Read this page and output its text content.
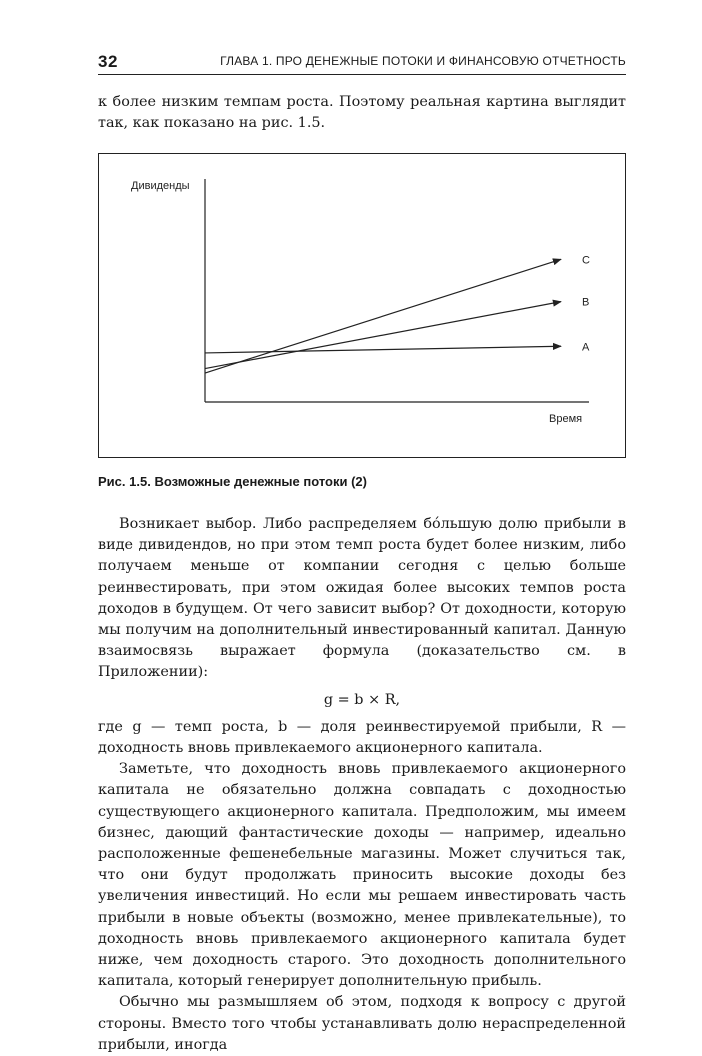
32	ГЛАВА 1. ПРО ДЕНЕЖНЫЕ ПОТОКИ И ФИНАНСОВУЮ ОТЧЕТНОСТЬ

к более низким темпам роста. Поэтому реальная картина выглядит так, как показано на рис. 1.5.

Дивиденды
Время
A
B
C
Рис. 1.5. Возможные денежные потоки (2)

Возникает выбор. Либо распределяем бóльшую долю прибыли в виде дивидендов, но при этом темп роста будет более низким, либо получаем меньше от компании сегодня с целью больше реинвестировать, при этом ожидая более высоких темпов роста доходов в будущем. От чего зависит выбор? От доходности, которую мы получим на дополнительный инвестированный капитал. Данную взаимосвязь выражает формула (доказательство см. в Приложении):

g = b × R,

где g — темп роста, b — доля реинвестируемой прибыли, R — доходность вновь привлекаемого акционерного капитала.

Заметьте, что доходность вновь привлекаемого акционерного капитала не обязательно должна совпадать с доходностью существующего акционерного капитала. Предположим, мы имеем бизнес, дающий фантастические доходы — например, идеально расположенные фешенебельные магазины. Может случиться так, что они будут продолжать приносить высокие доходы без увеличения инвестиций. Но если мы решаем инвестировать часть прибыли в новые объекты (возможно, менее привлекательные), то доходность вновь привлекаемого акционерного капитала будет ниже, чем доходность старого. Это доходность дополнительного капитала, который генерирует дополнительную прибыль.

Обычно мы размышляем об этом, подходя к вопросу с другой стороны. Вместо того чтобы устанавливать долю нераспределенной прибыли, иногда
